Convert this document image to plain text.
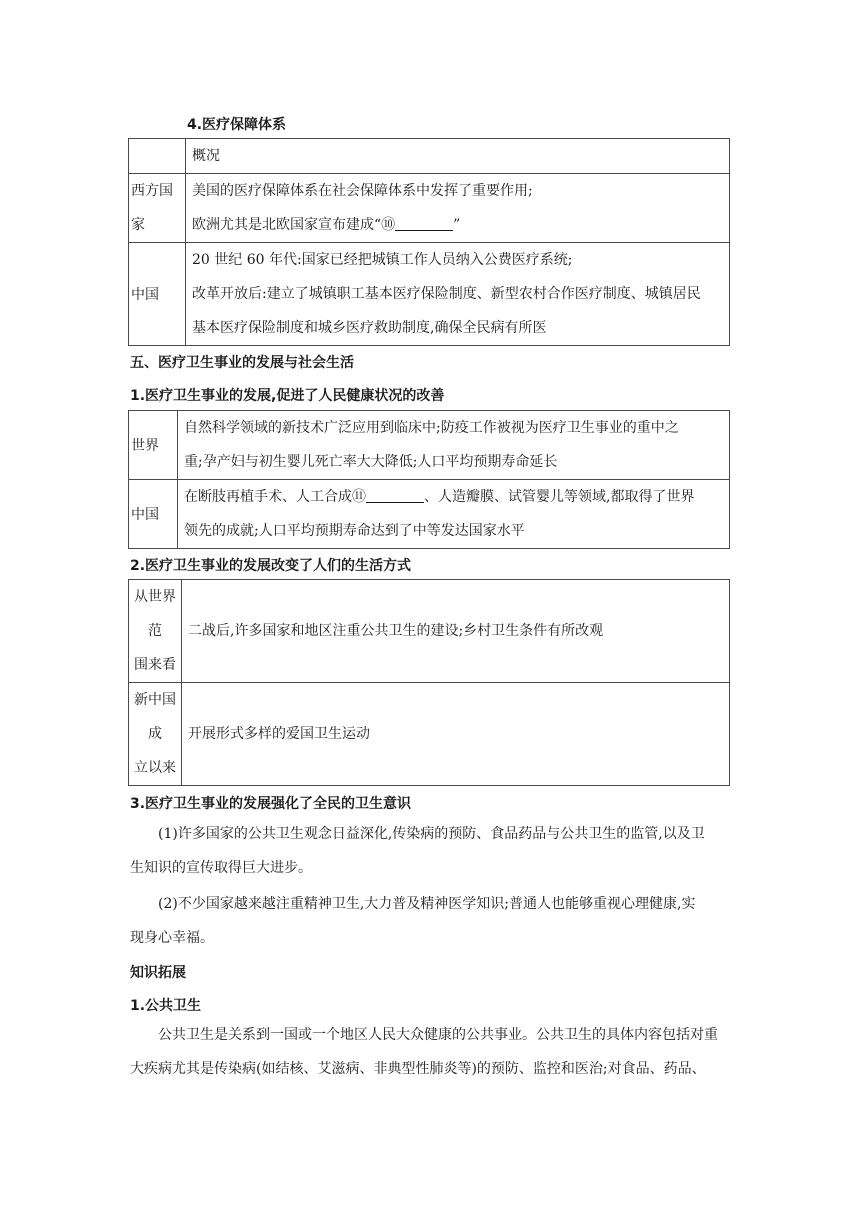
4.医疗保障体系
	概况

西方国
家	美国的医疗保障体系在社会保障体系中发挥了重要作用;
欧洲尤其是北欧国家宣布建成“⑩ ”

中国	20 世纪 60 年代:国家已经把城镇工作人员纳入公费医疗系统;
改革开放后:建立了城镇职工基本医疗保险制度、新型农村合作医疗制度、城镇居民
基本医疗保险制度和城乡医疗救助制度,确保全民病有所医
五、医疗卫生事业的发展与社会生活
1.医疗卫生事业的发展,促进了人民健康状况的改善
世界	自然科学领域的新技术广泛应用到临床中;防疫工作被视为医疗卫生事业的重中之
重;孕产妇与初生婴儿死亡率大大降低;人口平均预期寿命延长

中国	在断肢再植手术、人工合成⑪ 、人造瓣膜、试管婴儿等领域,都取得了世界
领先的成就;人口平均预期寿命达到了中等发达国家水平
2.医疗卫生事业的发展改变了人们的生活方式
从世界
范
围来看	二战后,许多国家和地区注重公共卫生的建设;乡村卫生条件有所改观

新中国
成
立以来	开展形式多样的爱国卫生运动
3.医疗卫生事业的发展强化了全民的卫生意识
(1)许多国家的公共卫生观念日益深化,传染病的预防、食品药品与公共卫生的监管,以及卫
生知识的宣传取得巨大进步。
(2)不少国家越来越注重精神卫生,大力普及精神医学知识;普通人也能够重视心理健康,实
现身心幸福。
知识拓展
1.公共卫生
公共卫生是关系到一国或一个地区人民大众健康的公共事业。公共卫生的具体内容包括对重
大疾病尤其是传染病(如结核、艾滋病、非典型性肺炎等)的预防、监控和医治;对食品、药品、
